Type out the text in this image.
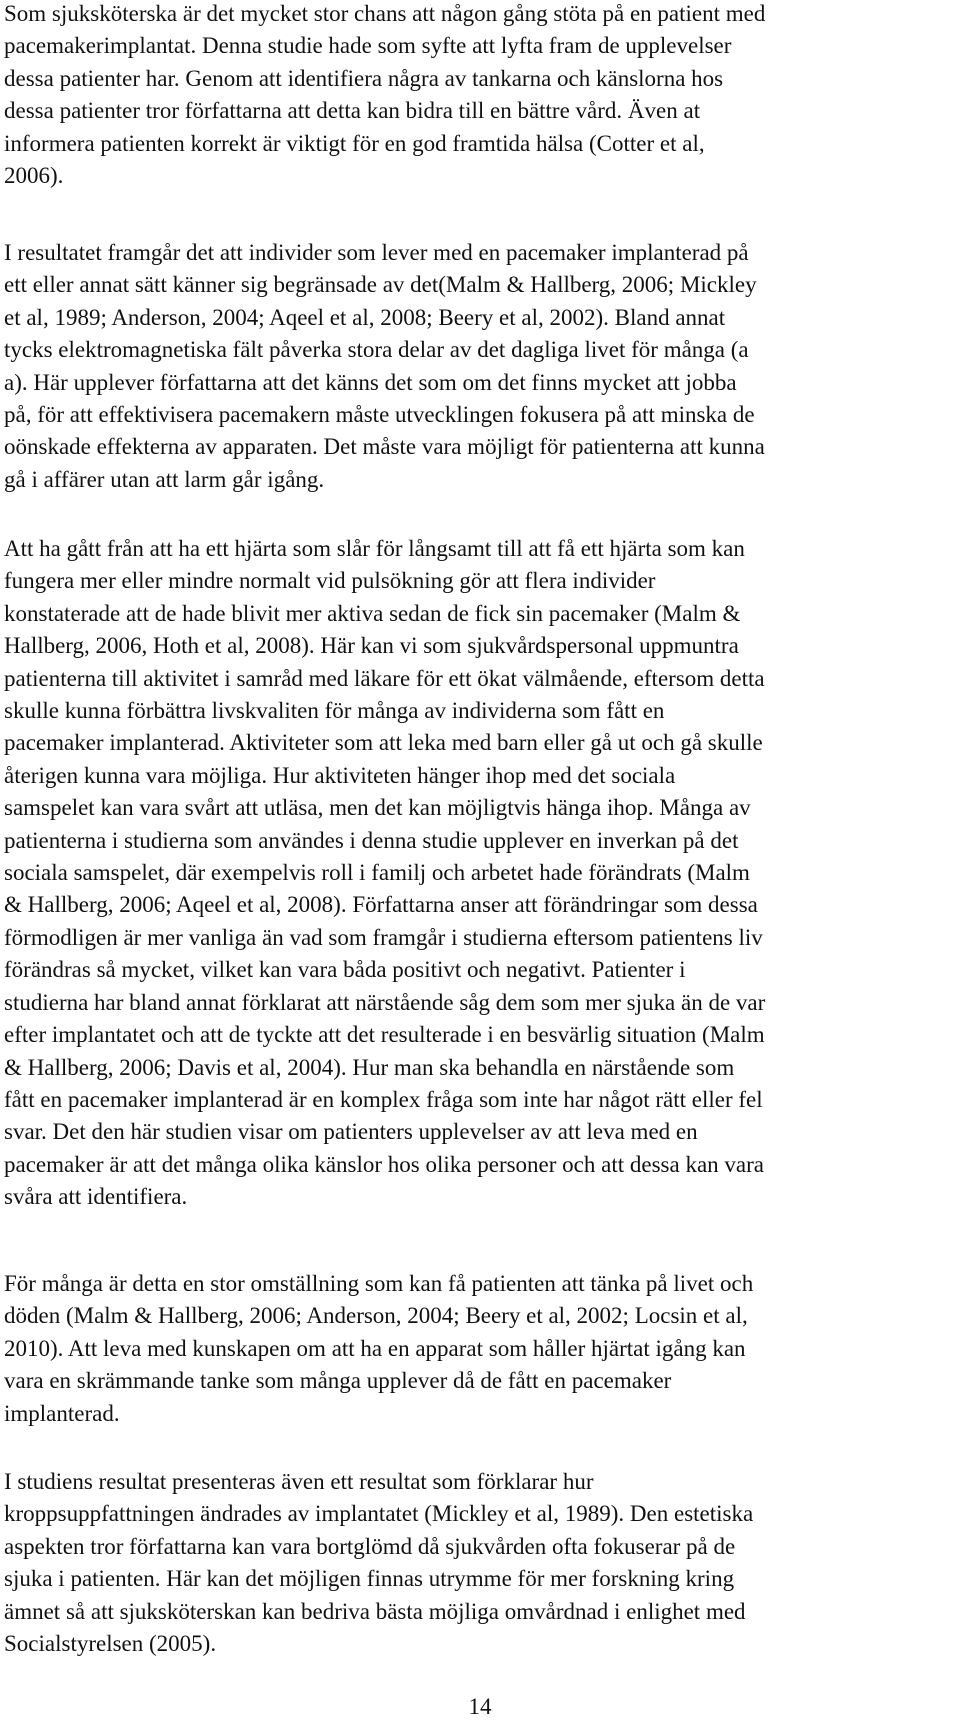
Som sjuksköterska är det mycket stor chans att någon gång stöta på en patient med
pacemakerimplantat. Denna studie hade som syfte att lyfta fram de upplevelser
dessa patienter har. Genom att identifiera några av tankarna och känslorna hos
dessa patienter tror författarna att detta kan bidra till en bättre vård. Även at
informera patienten korrekt är viktigt för en god framtida hälsa (Cotter et al,
2006).

I resultatet framgår det att individer som lever med en pacemaker implanterad på
ett eller annat sätt känner sig begränsade av det(Malm & Hallberg, 2006; Mickley
et al, 1989; Anderson, 2004; Aqeel et al, 2008; Beery et al, 2002). Bland annat
tycks elektromagnetiska fält påverka stora delar av det dagliga livet för många (a
a). Här upplever författarna att det känns det som om det finns mycket att jobba
på, för att effektivisera pacemakern måste utvecklingen fokusera på att minska de
oönskade effekterna av apparaten. Det måste vara möjligt för patienterna att kunna
gå i affärer utan att larm går igång.

Att ha gått från att ha ett hjärta som slår för långsamt till att få ett hjärta som kan
fungera mer eller mindre normalt vid pulsökning gör att flera individer
konstaterade att de hade blivit mer aktiva sedan de fick sin pacemaker (Malm &
Hallberg, 2006, Hoth et al, 2008). Här kan vi som sjukvårdspersonal uppmuntra
patienterna till aktivitet i samråd med läkare för ett ökat välmående, eftersom detta
skulle kunna förbättra livskvaliten för många av individerna som fått en
pacemaker implanterad. Aktiviteter som att leka med barn eller gå ut och gå skulle
återigen kunna vara möjliga. Hur aktiviteten hänger ihop med det sociala
samspelet kan vara svårt att utläsa, men det kan möjligtvis hänga ihop. Många av
patienterna i studierna som användes i denna studie upplever en inverkan på det
sociala samspelet, där exempelvis roll i familj och arbetet hade förändrats (Malm
& Hallberg, 2006; Aqeel et al, 2008). Författarna anser att förändringar som dessa
förmodligen är mer vanliga än vad som framgår i studierna eftersom patientens liv
förändras så mycket, vilket kan vara båda positivt och negativt. Patienter i
studierna har bland annat förklarat att närstående såg dem som mer sjuka än de var
efter implantatet och att de tyckte att det resulterade i en besvärlig situation (Malm
& Hallberg, 2006; Davis et al, 2004). Hur man ska behandla en närstående som
fått en pacemaker implanterad är en komplex fråga som inte har något rätt eller fel
svar. Det den här studien visar om patienters upplevelser av att leva med en
pacemaker är att det många olika känslor hos olika personer och att dessa kan vara
svåra att identifiera.

För många är detta en stor omställning som kan få patienten att tänka på livet och
döden (Malm & Hallberg, 2006; Anderson, 2004; Beery et al, 2002; Locsin et al,
2010). Att leva med kunskapen om att ha en apparat som håller hjärtat igång kan
vara en skrämmande tanke som många upplever då de fått en pacemaker
implanterad.

I studiens resultat presenteras även ett resultat som förklarar hur
kroppsuppfattningen ändrades av implantatet (Mickley et al, 1989). Den estetiska
aspekten tror författarna kan vara bortglömd då sjukvården ofta fokuserar på de
sjuka i patienten. Här kan det möjligen finnas utrymme för mer forskning kring
ämnet så att sjuksköterskan kan bedriva bästa möjliga omvårdnad i enlighet med
Socialstyrelsen (2005).

14
